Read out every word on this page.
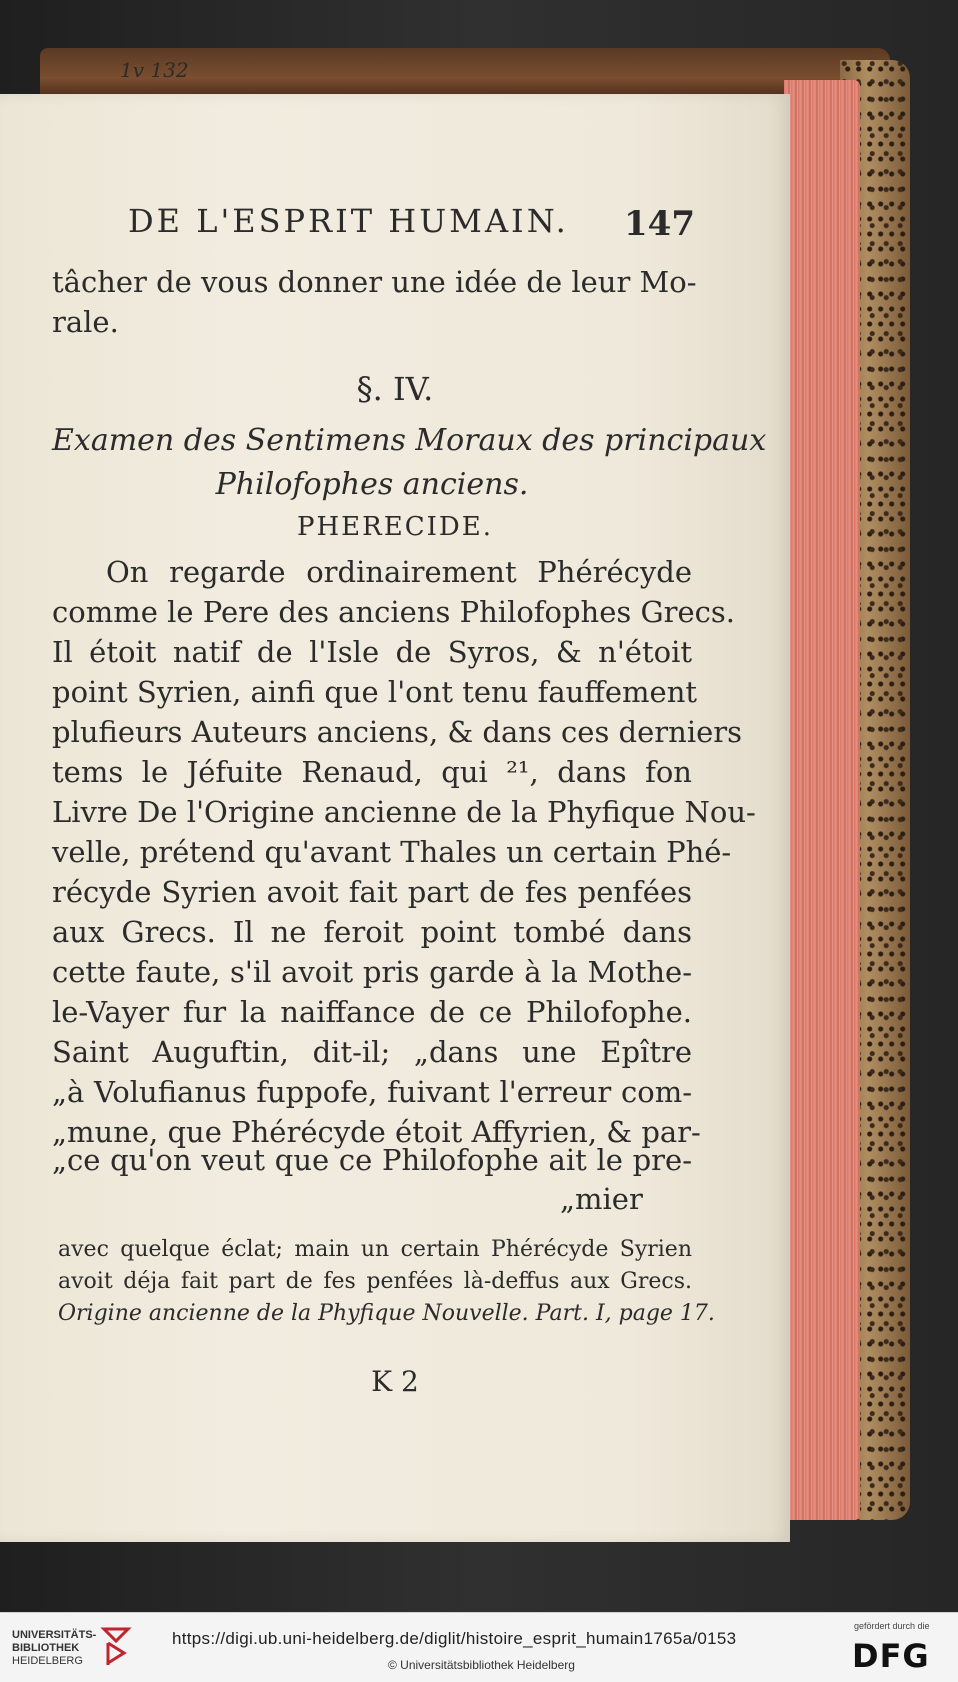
1v 132
DE L'ESPRIT HUMAIN. 147
tâcher de vous donner une idée de leur Mo-
rale.
§. IV.
Examen des Sentimens Moraux des principaux
Philofophes anciens.
PHERECIDE.
On regarde ordinairement Phérécyde
comme le Pere des anciens Philofophes Grecs.
Il étoit natif de l'Isle de Syros, & n'étoit
point Syrien, ainfi que l'ont tenu fauffement
plufieurs Auteurs anciens, & dans ces derniers
tems le Jéfuite Renaud, qui ²¹, dans fon
Livre De l'Origine ancienne de la Phyfique Nou-
velle, prétend qu'avant Thales un certain Phé-
récyde Syrien avoit fait part de fes penfées
aux Grecs. Il ne feroit point tombé dans
cette faute, s'il avoit pris garde à la Mothe-
le-Vayer fur la naiffance de ce Philofophe.
Saint Auguftin, dit-il; „dans une Epître
„à Volufianus fuppofe, fuivant l'erreur com-
„mune, que Phérécyde étoit Affyrien, & par-
„ce qu'on veut que ce Philofophe ait le pre-
„mier
avec quelque éclat; main un certain Phérécyde Syrien
avoit déja fait part de fes penfées là-deffus aux Grecs.
Origine ancienne de la Phyfique Nouvelle. Part. I, page 17.
K 2
UNIVERSITÄTS-
BIBLIOTHEK
HEIDELBERG
https://digi.ub.uni-heidelberg.de/diglit/histoire_esprit_humain1765a/0153
© Universitätsbibliothek Heidelberg
gefördert durch die
DFG
